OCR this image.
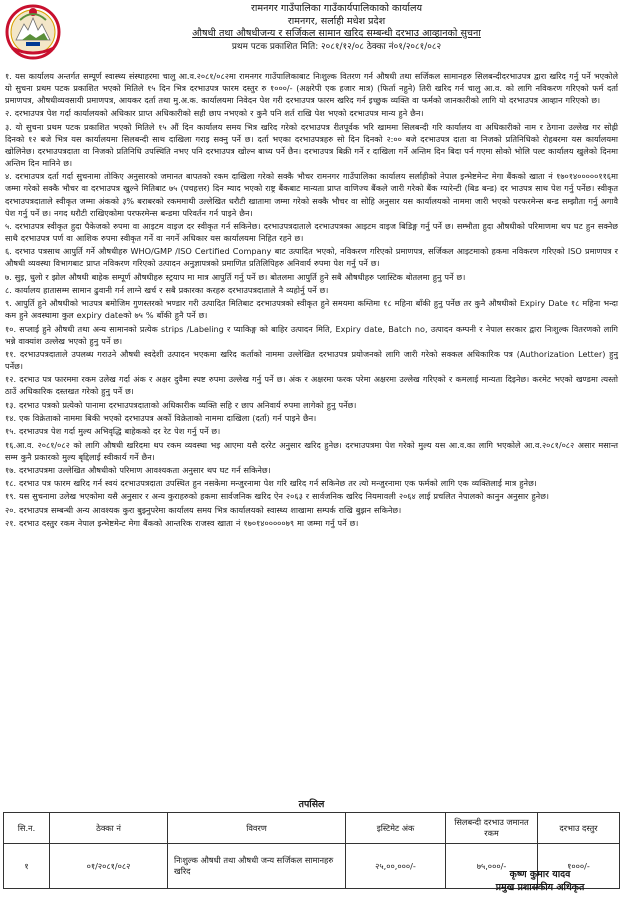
रामनगर गाउँपालिका गाउँकार्यपालिकाको कार्यालय
रामनगर, सर्लाही मधेश प्रदेश
औषधी तथा औषधीजन्य र सर्जिकल सामान खरिद सम्बन्धी दरभाउ आव्हानको सुचना
प्रथम पटक प्रकाशित मिति: २०८१/१२/०८ ठेक्का नं०१/२०८१/०८२

१. यस कार्यालय अन्तर्गत सम्पूर्ण स्वास्थ्य संस्थाहरमा चालु आ.व.२०८१/०८२मा रामनगर गाउँपालिकाबाट निःशुल्क वितरण गर्न औषधी तथा सर्जिकल सामानहरु सिलबन्दीदरभाउपत्र द्वारा खरिद गर्नु पर्ने भएकोले यो सुचना प्रथम पटक प्रकाशित भएको मितिले १५ दिन भित्र दरभाउपत्र फारम दस्तुर रु १०००/- (अक्षरेपी एक हजार मात्र) (फिर्ता नहुने) तिरी खरिद गर्न चालु आ.व. को लागि नविकरण गरिएको फर्म दर्ता प्रमाणपत्र, औषधीव्यवसायी प्रमाणपत्र, आयकर दर्ता तथा मु.अ.क. कार्यालयमा निवेदन पेश गरी दरभाउपत्र फारम खरिद गर्न इच्छुक व्यक्ति वा फर्मको जानकारीको लागि यो दरभाउपत्र आव्हान गरिएको छ।

२. दरभाउपत्र पेश गर्दा कार्यालयको अधिकार प्राप्त अधिकारीको सही छाप नभएको र कुनै पनि शर्त राखि पेश भएको दरभाउपत्र मान्य हुने छैन।

३. यो सुचना प्रथम पटक प्रकाशित भएको मितिले १५ औं दिन कार्यालय समय भित्र खरिद गरेको दरभाउपत्र रीतपूर्वक भरि खाममा सिलबन्दी गरि कार्यालय वा अधिकारीको नाम र ठेगाना उल्लेख गर सोह्री दिनको १२ बजे भित्र यस कार्यालयमा सिलबन्दी साथ दाखिला गराइ सक्नु पर्ने छ। दर्ता भएका दरभाउपत्रहरु सो दिन दिनको २:०० बजे दरभाउपत्र दाता वा निजको प्रतिनिधिको रोहबरमा यस कार्यालयमा खोलिनेछ। दरभाउपत्रदाता वा निजको प्रतिनिधि उपस्थिति नभए पनि दरभाउपत्र खोल्न बाध्य पर्ने छैन। दरभाउपत्र बिक्री गर्ने र दाखिला गर्ने अन्तिम दिन बिदा पर्न गएमा सोको भोलि पल्ट कार्यालय खुलेको दिनमा अन्तिम दिन मानिने छ।

४. दरभाउपत्र दर्ता गर्दा सुचनामा तोकिए अनुसारको जमानत बापतको रकम दाखिला गरेको सक्कै भौचर रामनगर गाउँपालिका कार्यालय सर्लाहीको नेपाल इन्भेष्टमेन्ट मेगा बैंकको खाता नं १७०१४०००००११६मा जम्मा गरेको सक्कै भौचर वा दरभाउपत्र खुल्ने मितिबाट ७५ (पचहत्तर) दिन म्याद भएको राष्ट्र बैंकबाट मान्यता प्राप्त वाणिज्य बैंकले जारी गरेको बैंक ग्यारेन्टी (बिड बन्ड) दर भाउपत्र साथ पेश गर्नु पर्नेछ। स्वीकृत दरभाउपत्रदाताले स्वीकृत जम्मा अंकको ३% बराबरको रकममाथी उल्लेखित धरौटी खातामा जम्मा गरेको सक्कै भौचर वा सोहि अनुसार यस कार्यालयको नाममा जारी भएको परफरमेन्स बन्ड सम्झौता गर्नु अगावै पेश गर्नु पर्ने छ। नगद धरौटी राखिएकोमा परफरमेन्स बन्डमा परिवर्तन गर्न पाइने छैन।

५. दरभाउपत्र स्वीकृत हुदा पैकेजको रुपमा वा आइटम वाइज दर स्वीकृत गर्न सकिनेछ। दरभाउपत्रदाताले दरभाउपत्रका आइटम वाइज बिडिङ्ग गर्नु पर्ने छ। सम्भौता हुदा औषधीको परिमाणमा थप घट हुन सक्नेछ साथै दरभाउपत्र पर्ण वा आशिक रुपमा स्वीकृत गर्ने वा नगर्ने अधिकार यस कार्यालयमा निहित रहने छ।

६. दरभाउ पत्रसाथ आपुर्ति गर्ने औषधीहरु WHO/GMP /ISO Certified Company बाट उत्पादित भएको, नविकरण गरिएको प्रमाणपत्र, सर्जिकल आइटमाको हकमा नविकरण गरिएको ISO प्रमाणपत्र र औषधी व्यवस्था विभागबाट प्राप्त नविकरण गरिएको उत्पादन अनुज्ञापत्रको प्रमाणित प्रतिलिपिहरु अनिवार्य रुपमा पेश गर्नु पर्ने छ।

७. सुइ, धुलो र झोल औषधी बाहेक सम्पूर्ण औषधीहरु स्ट्रयाप मा मात्र आपुर्ति गर्नु पर्ने छ। बोतलमा आपुर्ति हुने सबै औषधीहरु प्लास्टिक बोतलमा हुनु पर्ने छ।

८. कार्यालय हातासम्म सामान ढुवानी गर्न लाग्ने खर्च र सबै प्रकारका करहरु दरभाउपत्रदाताले नै व्यहोर्नु पर्ने छ।

९. आपुर्ति हुने औषधीको भाउपत्र बमोजिम गुणस्तरको भण्डार गरी उत्पादित मितिबाट दरभाउपत्रको स्वीकृत हुने समयमा कम्तिमा १८ महिना बाँकी हुनु पर्नेछ तर कुनै औषधीको Expiry Date १८ महिना भन्दा कम हुने अवस्थामा कुल expiry dateको ७५ % बाँकी हुनै पर्ने छ।

१०. सप्लाई हुने औषधी तथा अन्य सामानको प्रत्येक strips /Labeling र प्याकिङ्ग को बाहिर उत्पादन मिति, Expiry date, Batch no, उत्पादन कम्पनी र नेपाल सरकार द्वारा निःशुल्क वितरणको लागि भन्ने वाक्यांश उल्लेख भएको हुनु पर्ने छ।

११. दरभाउपत्रदाताले उपलब्ध गराउने औषधी स्वदेशी उत्पादन भएकमा खरिद कर्ताको नाममा उल्लेखित दरभाउपत्र प्रयोजनको लागि जारी गरेको सक्कल अधिकारिक पत्र (Authorization Letter) हुनु पर्नेछ।

१२. दरभाउ पत्र फारममा रकम उलेख गर्दा अंक र अक्षर दुवैमा स्पष्ट रुपमा उल्लेख गर्नु पर्ने छ। अंक र अक्षरमा फरक परेमा अक्षरमा उल्लेख गरिएको र कमलाई मान्यता दिइनेछ। करमेट भएको खण्डमा त्यस्तो ठाउँ अधिकारिक दस्तखत गरेको हुनु पर्ने छ।

१३. दरभाउ पत्रको प्रत्येको पानामा दरभाउपत्रदाताको अधिकारीक व्यक्ति सहि र छाप अनिवार्य रुपमा लागेको हुनु पर्नेछ।

१४. एक विक्रेताको नाममा बिकी भएको दरभाउपत्र अर्को विक्रेताको नाममा दाखिला (दर्ता) गर्न पाइने छैन।

१५. दरभाउपत्र पेश गर्दा मुल्य अभिवृद्धि बाहेकको दर रेट पेश गर्नु पर्ने छ।

१६.आ.व. २०८१/०८२ को लागि औषधी खरिदमा थप रकम व्यवस्था भइ आएमा यसै दररेट अनुसार खरिद हुनेछ। दरभाउपत्रमा पेश गरेको मुल्य यस आ.व.का लागि भएकोले आ.व.२०८१/०८२ असार मसान्त सम्म कुनै प्रकारको मुल्य बृद्दिलाई स्वीकार्य गर्ने छैन।

१७. दरभाउपत्रमा उल्लेखित औषधीको परिमाण आवश्यकता अनुसार थप घट गर्न सकिनेछ।

१८. दरभाउ पत्र फारम खरिद गर्न स्वयं दरभाउपत्रदाता उपस्थित हुन नसकेमा मन्जुरनामा पेश गरि खरिद गर्न सकिनेछ तर त्यो मन्जुरनामा एक फर्मको लागि एक व्यक्तिलाई मात्र हुनेछ।

१९. यस सुचनामा उलेख भएकोमा यसै अनुसार र अन्य कुराहरुको हकमा सार्वजनिक खरिद ऐन २०६३ र सार्वजनिक खरिद नियमावली २०६४ लाई प्रचलित नेपालको कानुन अनुसार हुनेछ।

२०. दरभाउपत्र सम्बन्धी अन्य आवश्यक कुरा बुझ्नुपरेमा कार्यालय समय भित्र कार्यालयको स्वास्थ्य शाखामा सम्पर्क राखि बुझन सकिनेछ।

२१. दरभाउ दस्तुर रकम नेपाल इन्भेष्टमेन्ट मेगा बैंकको आन्तरिक राजस्व खाता नं १७०१४०००००७९ मा जम्मा गर्नु पर्ने छ।

तपसिल
सि.न.	ठेक्का नं	विवरण	इस्टिमेट अंक	सिलबन्दी दरभाउ जमानत रकम	दरभाउ दस्तुर
१	०१/२०८१/०८२	निःशुल्क औषधी तथा औषधी जन्य सर्जिकल सामानहरु खरिद	२५,००,०००/-	७५,०००/-	१०००/-
कृष्ण कुमार यादव
प्रमुख प्रशासकीय अधिकृत
